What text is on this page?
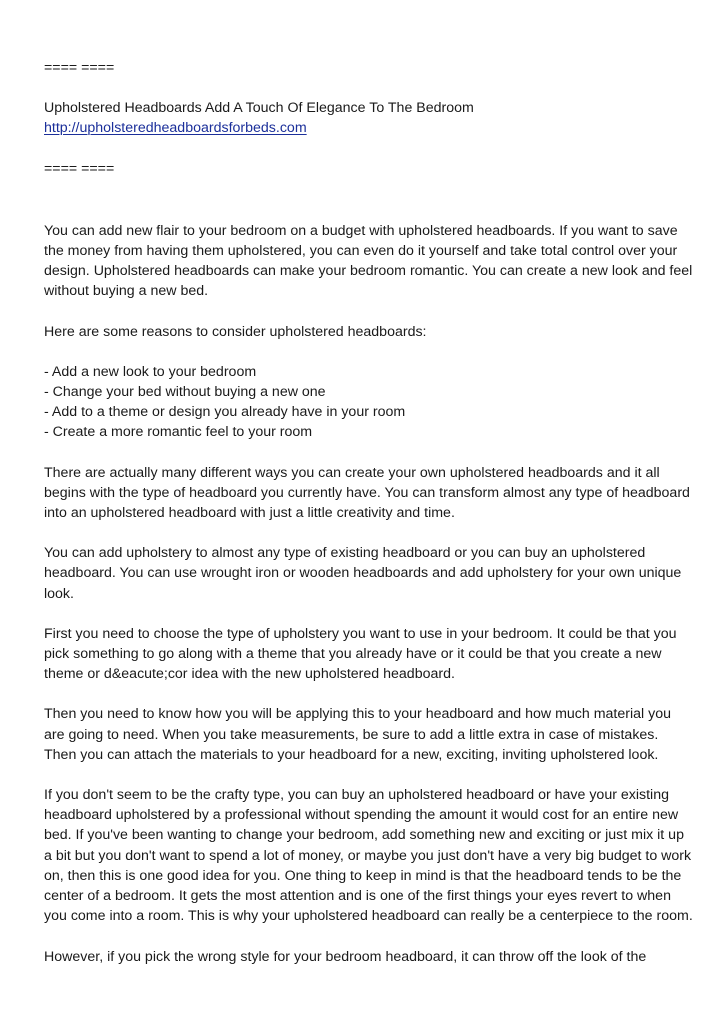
==== ====
Upholstered Headboards Add A Touch Of Elegance To The Bedroom
http://upholsteredheadboardsforbeds.com
==== ====

You can add new flair to your bedroom on a budget with upholstered headboards. If you want to save the money from having them upholstered, you can even do it yourself and take total control over your design. Upholstered headboards can make your bedroom romantic. You can create a new look and feel without buying a new bed.

Here are some reasons to consider upholstered headboards:

- Add a new look to your bedroom
- Change your bed without buying a new one
- Add to a theme or design you already have in your room
- Create a more romantic feel to your room

There are actually many different ways you can create your own upholstered headboards and it all begins with the type of headboard you currently have. You can transform almost any type of headboard into an upholstered headboard with just a little creativity and time.

You can add upholstery to almost any type of existing headboard or you can buy an upholstered headboard. You can use wrought iron or wooden headboards and add upholstery for your own unique look.

First you need to choose the type of upholstery you want to use in your bedroom. It could be that you pick something to go along with a theme that you already have or it could be that you create a new theme or d&eacute;cor idea with the new upholstered headboard.

Then you need to know how you will be applying this to your headboard and how much material you are going to need. When you take measurements, be sure to add a little extra in case of mistakes. Then you can attach the materials to your headboard for a new, exciting, inviting upholstered look.

If you don't seem to be the crafty type, you can buy an upholstered headboard or have your existing headboard upholstered by a professional without spending the amount it would cost for an entire new bed. If you've been wanting to change your bedroom, add something new and exciting or just mix it up a bit but you don't want to spend a lot of money, or maybe you just don't have a very big budget to work on, then this is one good idea for you. One thing to keep in mind is that the headboard tends to be the center of a bedroom. It gets the most attention and is one of the first things your eyes revert to when you come into a room. This is why your upholstered headboard can really be a centerpiece to the room.

However, if you pick the wrong style for your bedroom headboard, it can throw off the look of the
